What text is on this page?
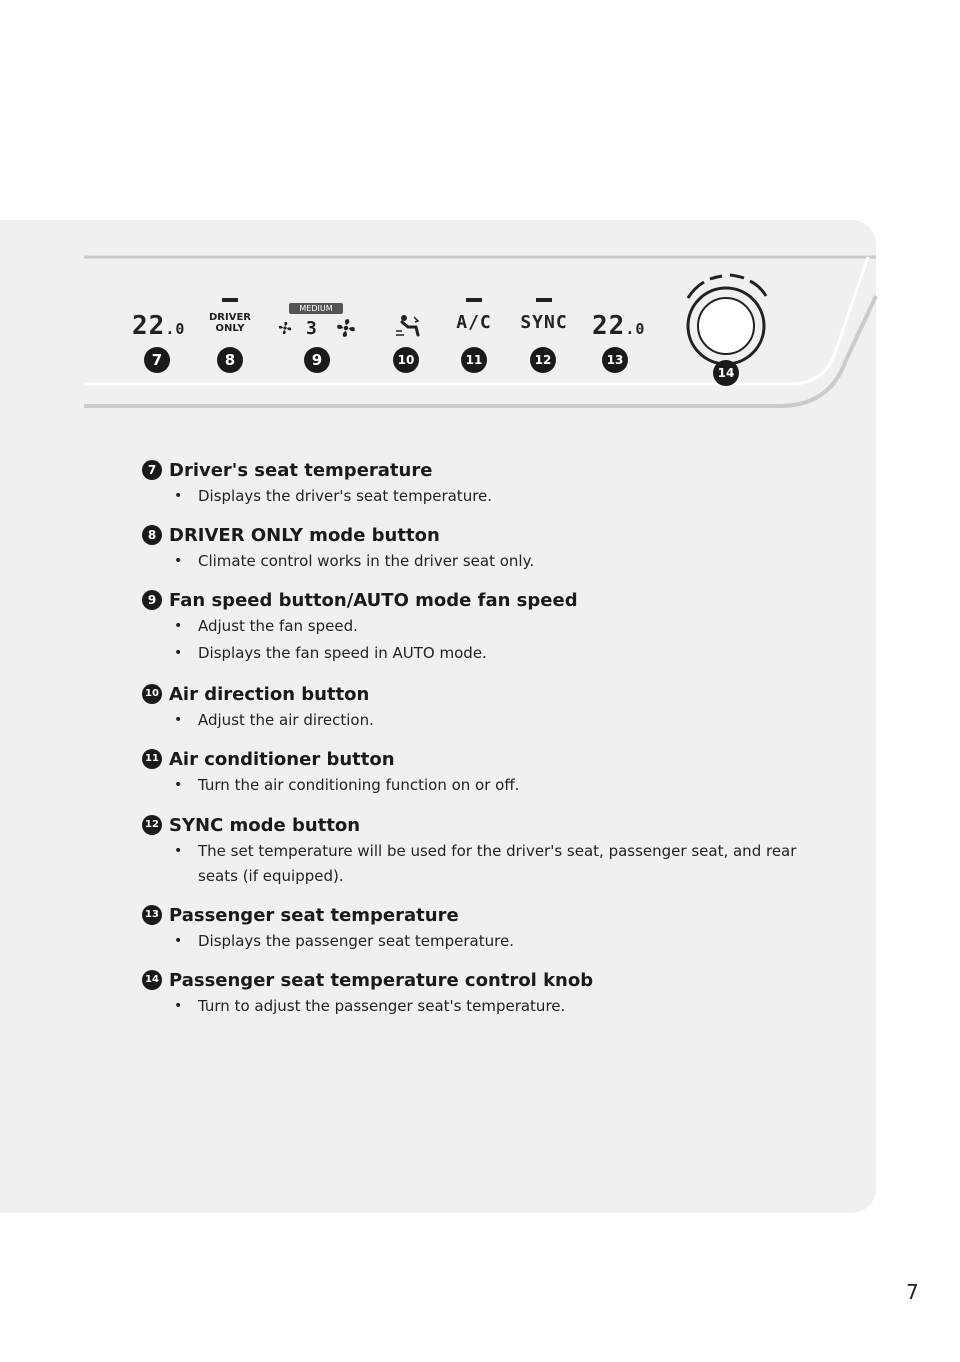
22.0
7
DRIVER
ONLY
8
MEDIUM
3
9	10
A/C
11
SYNC
12
22.0
13
14
7 Driver's seat temperature
• Displays the driver's seat temperature.
8 DRIVER ONLY mode button
• Climate control works in the driver seat only.
9 Fan speed button/AUTO mode fan speed
• Adjust the fan speed.
• Displays the fan speed in AUTO mode.
10 Air direction button
• Adjust the air direction.
11 Air conditioner button
• Turn the air conditioning function on or off.
12 SYNC mode button
• The set temperature will be used for the driver's seat, passenger seat, and rear seats (if equipped).
13 Passenger seat temperature
• Displays the passenger seat temperature.
14 Passenger seat temperature control knob
• Turn to adjust the passenger seat's temperature.
7
